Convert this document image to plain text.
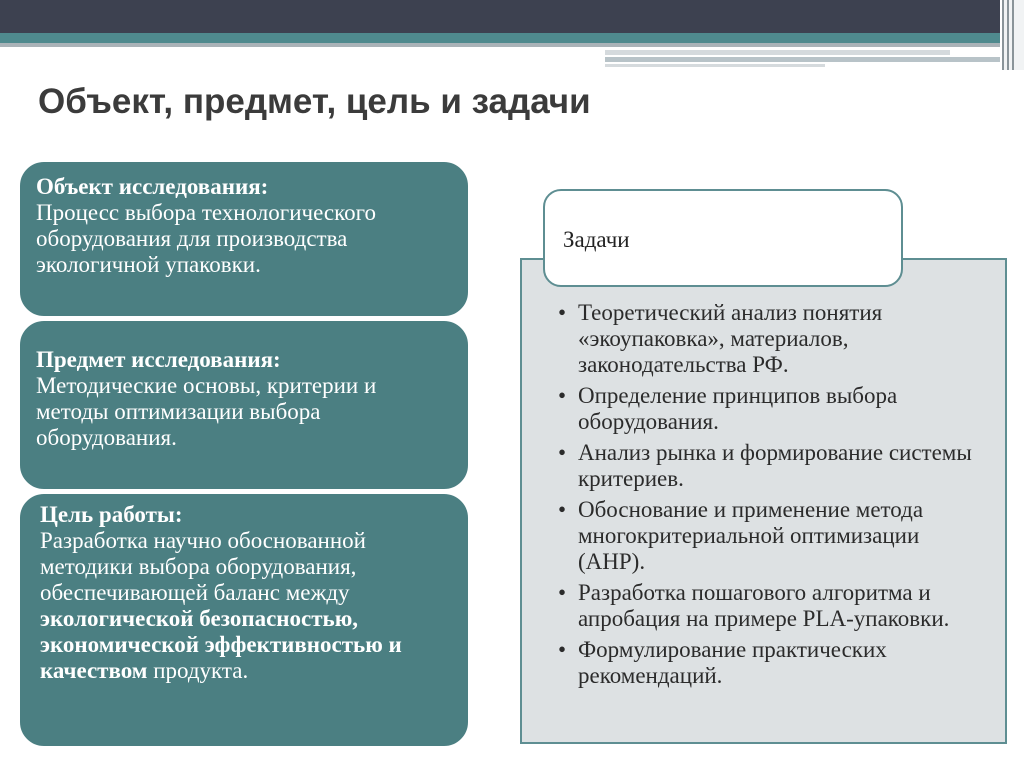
Объект, предмет, цель и задачи
Объект исследования:
Процесс выбора технологического оборудования для производства экологичной упаковки.
Предмет исследования:
Методические основы, критерии и методы оптимизации выбора оборудования.
Цель работы:
Разработка научно обоснованной методики выбора оборудования, обеспечивающей баланс между экологической безопасностью, экономической эффективностью и качеством продукта.
Задачи
• Теоретический анализ понятия «экоупаковка», материалов, законодательства РФ.
• Определение принципов выбора оборудования.
• Анализ рынка и формирование системы критериев.
• Обоснование и применение метода многокритериальной оптимизации (AHP).
• Разработка пошагового алгоритма и апробация на примере PLA-упаковки.
• Формулирование практических рекомендаций.
